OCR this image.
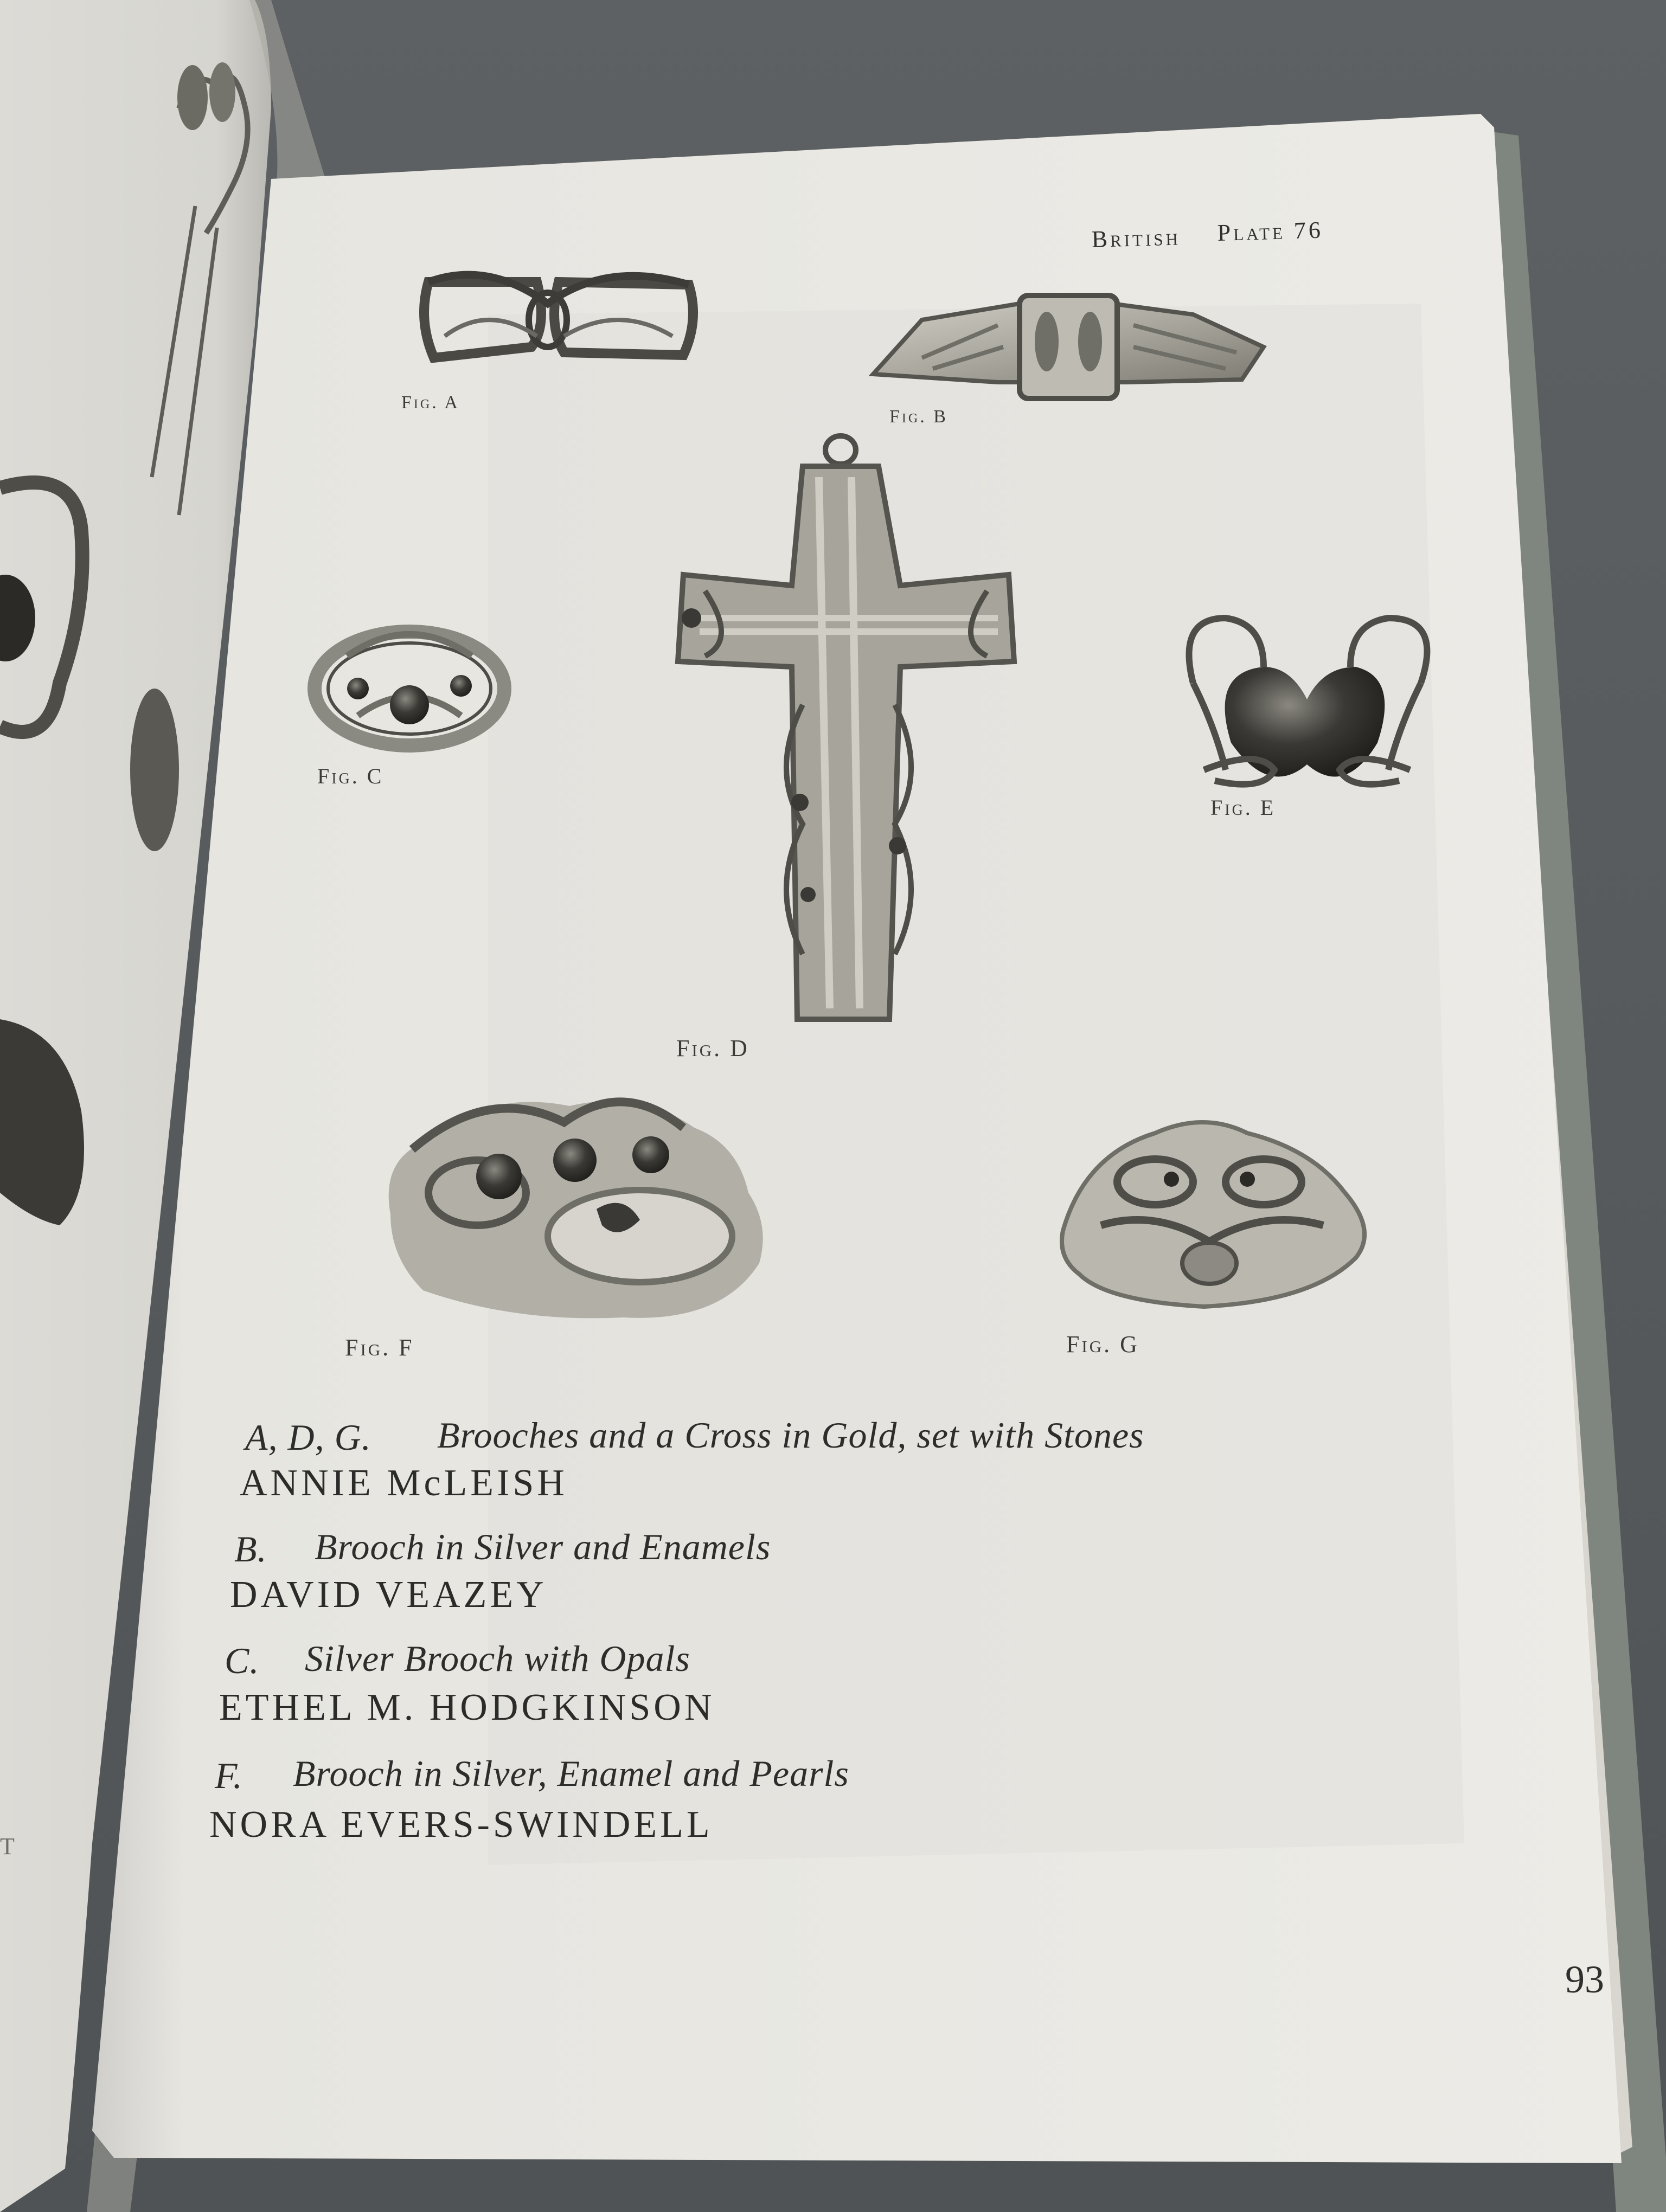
T
British Plate 76
Fig. A
Fig. B
Fig. C
Fig. E
Fig. D
Fig. F	Fig. G
A, D, G. Brooches and a Cross in Gold, set with Stones
ANNIE McLEISH
B. Brooch in Silver and Enamels
DAVID VEAZEY
C. Silver Brooch with Opals
ETHEL M. HODGKINSON
F. Brooch in Silver, Enamel and Pearls
NORA EVERS-SWINDELL
93
